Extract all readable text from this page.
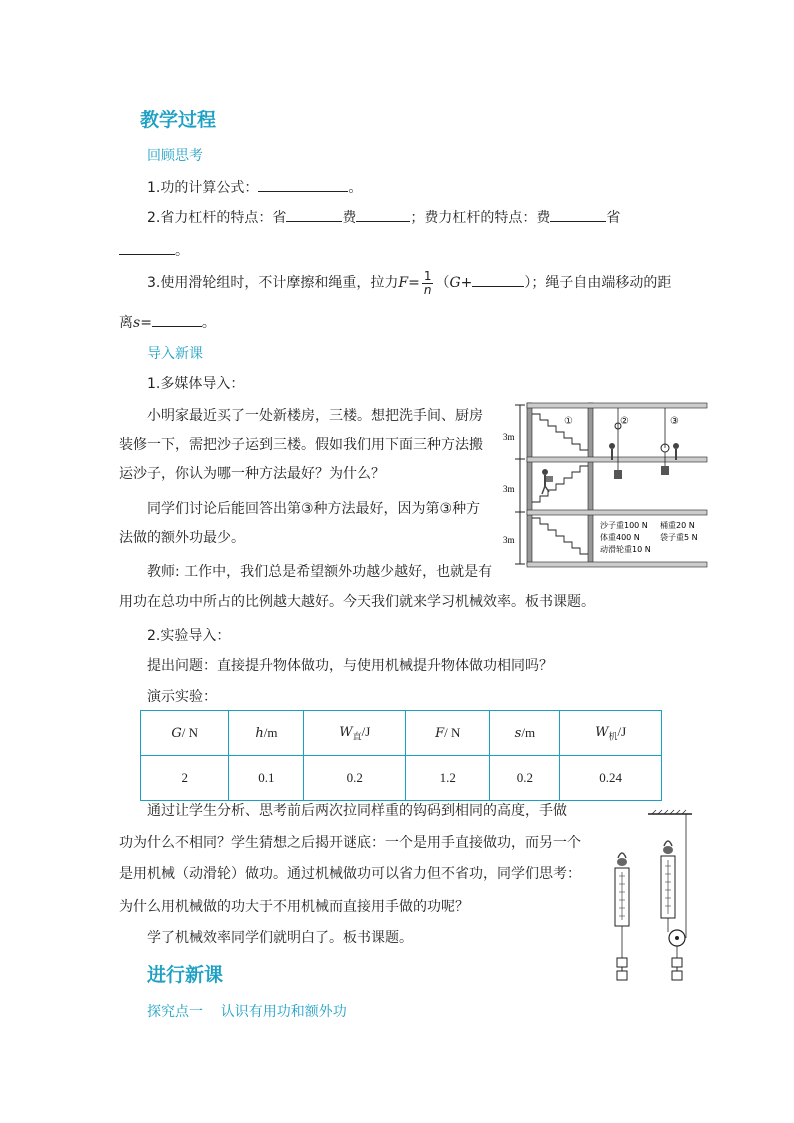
教学过程
回顾思考
1.功的计算公式：	。
2.省力杠杆的特点：省	费	；费力杠杆的特点：费	省
。
3.使用滑轮组时，不计摩擦和绳重，拉力$F= \frac{1}{n} (G+$	）；绳子自由端移动的距
离s=	。
导入新课
1.多媒体导入：
小明家最近买了一处新楼房，三楼。想把洗手间、厨房
装修一下，需把沙子运到三楼。假如我们用下面三种方法搬
运沙子，你认为哪一种方法最好？为什么？
同学们讨论后能回答出第③种方法最好，因为第③种方
法做的额外功最少。
教师: 工作中，我们总是希望额外功越少越好，也就是有
用功在总功中所占的比例越大越好。今天我们就来学习机械效率。板书课题。
3m
3m
3m
①	②	③
沙子重100 N 桶重20 N
体重400 N	袋子重5 N
动滑轮重10 N
2.实验导入：
提出问题：直接提升物体做功，与使用机械提升物体做功相同吗？
演示实验：
G/ N	h/m	$W_直/J$	F/ N	s/m	$W_机/J$
2	0.1	0.2	1.2	0.2	0.24
通过让学生分析、思考前后两次拉同样重的钩码到相同的高度，手做
功为什么不相同？学生猜想之后揭开谜底：一个是用手直接做功，而另一个
是用机械（动滑轮）做功。通过机械做功可以省力但不省功，同学们思考：
为什么用机械做的功大于不用机械而直接用手做的功呢？
学了机械效率同学们就明白了。板书课题。
进行新课
探究点一    认识有用功和额外功
